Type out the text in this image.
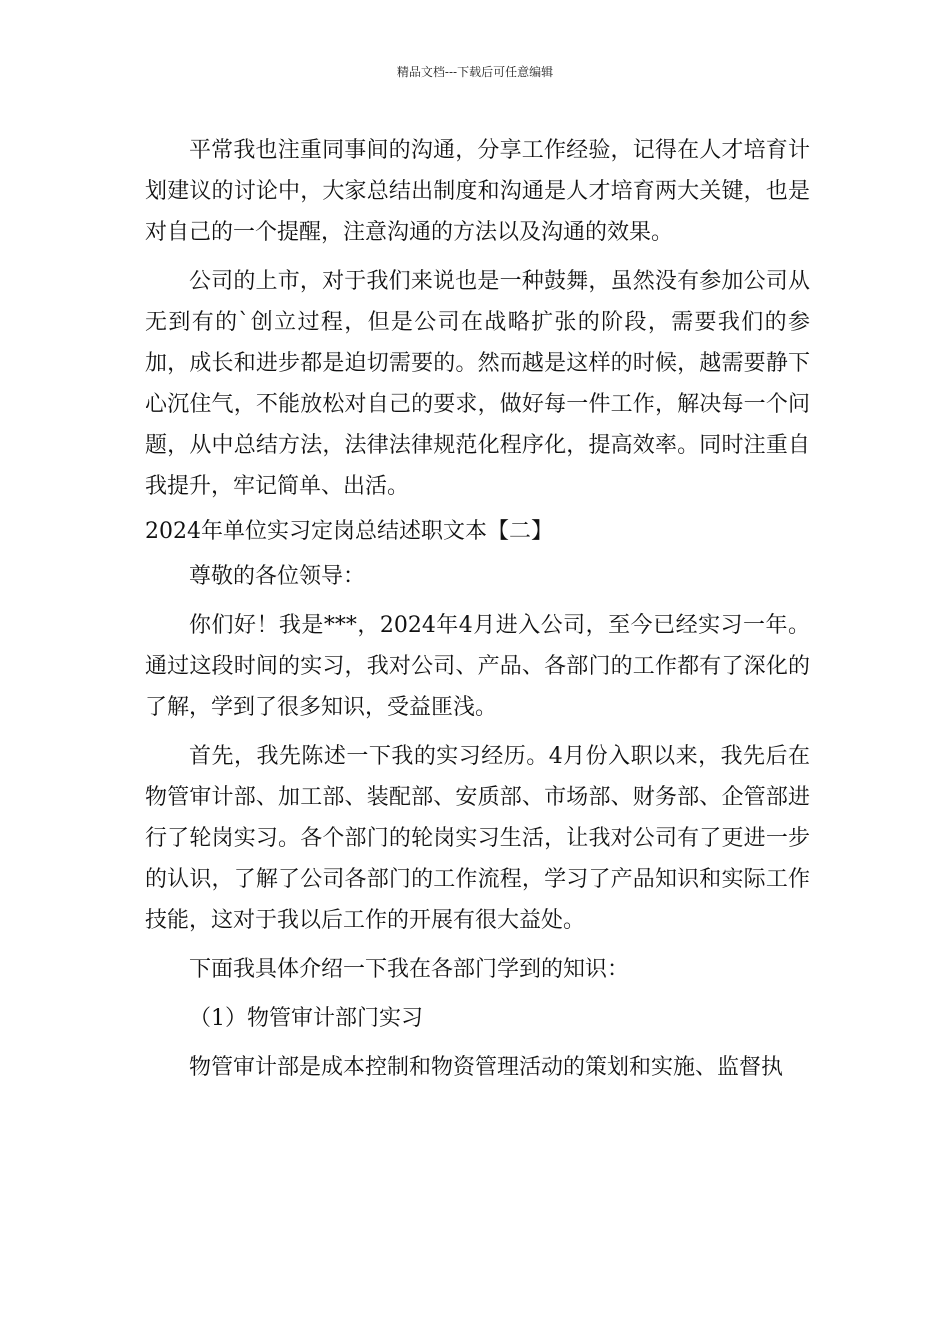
精品文档---下载后可任意编辑

平常我也注重同事间的沟通，分享工作经验，记得在人才培育计划建议的讨论中，大家总结出制度和沟通是人才培育两大关键，也是对自己的一个提醒，注意沟通的方法以及沟通的效果。

公司的上市，对于我们来说也是一种鼓舞，虽然没有参加公司从无到有的`创立过程，但是公司在战略扩张的阶段，需要我们的参加，成长和进步都是迫切需要的。然而越是这样的时候，越需要静下心沉住气，不能放松对自己的要求，做好每一件工作，解决每一个问题，从中总结方法，法律法律规范化程序化，提高效率。同时注重自我提升，牢记简单、出活。

2024年单位实习定岗总结述职文本【二】

尊敬的各位领导：

你们好！我是***，2024年4月进入公司，至今已经实习一年。通过这段时间的实习，我对公司、产品、各部门的工作都有了深化的了解，学到了很多知识，受益匪浅。

首先，我先陈述一下我的实习经历。4月份入职以来，我先后在物管审计部、加工部、装配部、安质部、市场部、财务部、企管部进行了轮岗实习。各个部门的轮岗实习生活，让我对公司有了更进一步的认识，了解了公司各部门的工作流程，学习了产品知识和实际工作技能，这对于我以后工作的开展有很大益处。

下面我具体介绍一下我在各部门学到的知识：

（1）物管审计部门实习

物管审计部是成本控制和物资管理活动的策划和实施、监督执
